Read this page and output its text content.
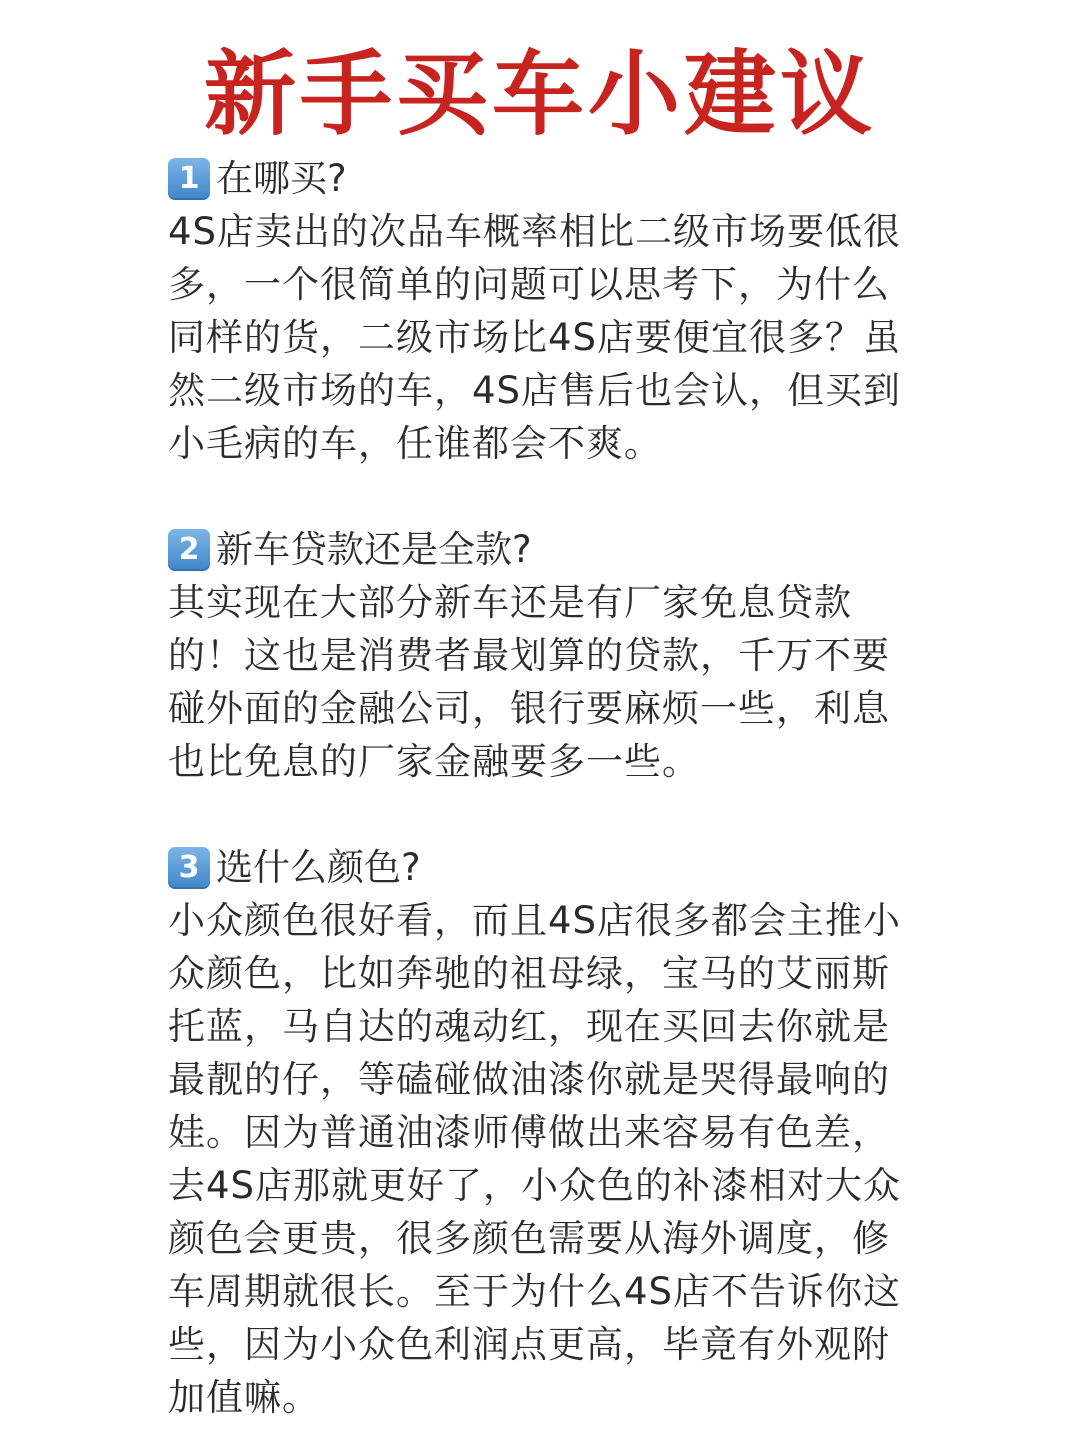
新手买车小建议
1 在哪买?
4S店卖出的次品车概率相比二级市场要低很
多，一个很简单的问题可以思考下，为什么
同样的货，二级市场比4S店要便宜很多？虽
然二级市场的车，4S店售后也会认，但买到
小毛病的车，任谁都会不爽。
2 新车贷款还是全款?
其实现在大部分新车还是有厂家免息贷款
的！这也是消费者最划算的贷款，千万不要
碰外面的金融公司，银行要麻烦一些，利息
也比免息的厂家金融要多一些。
3 选什么颜色?
小众颜色很好看，而且4S店很多都会主推小
众颜色，比如奔驰的祖母绿，宝马的艾丽斯
托蓝，马自达的魂动红，现在买回去你就是
最靓的仔，等磕碰做油漆你就是哭得最响的
娃。因为普通油漆师傅做出来容易有色差，
去4S店那就更好了，小众色的补漆相对大众
颜色会更贵，很多颜色需要从海外调度，修
车周期就很长。至于为什么4S店不告诉你这
些，因为小众色利润点更高，毕竟有外观附
加值嘛。
